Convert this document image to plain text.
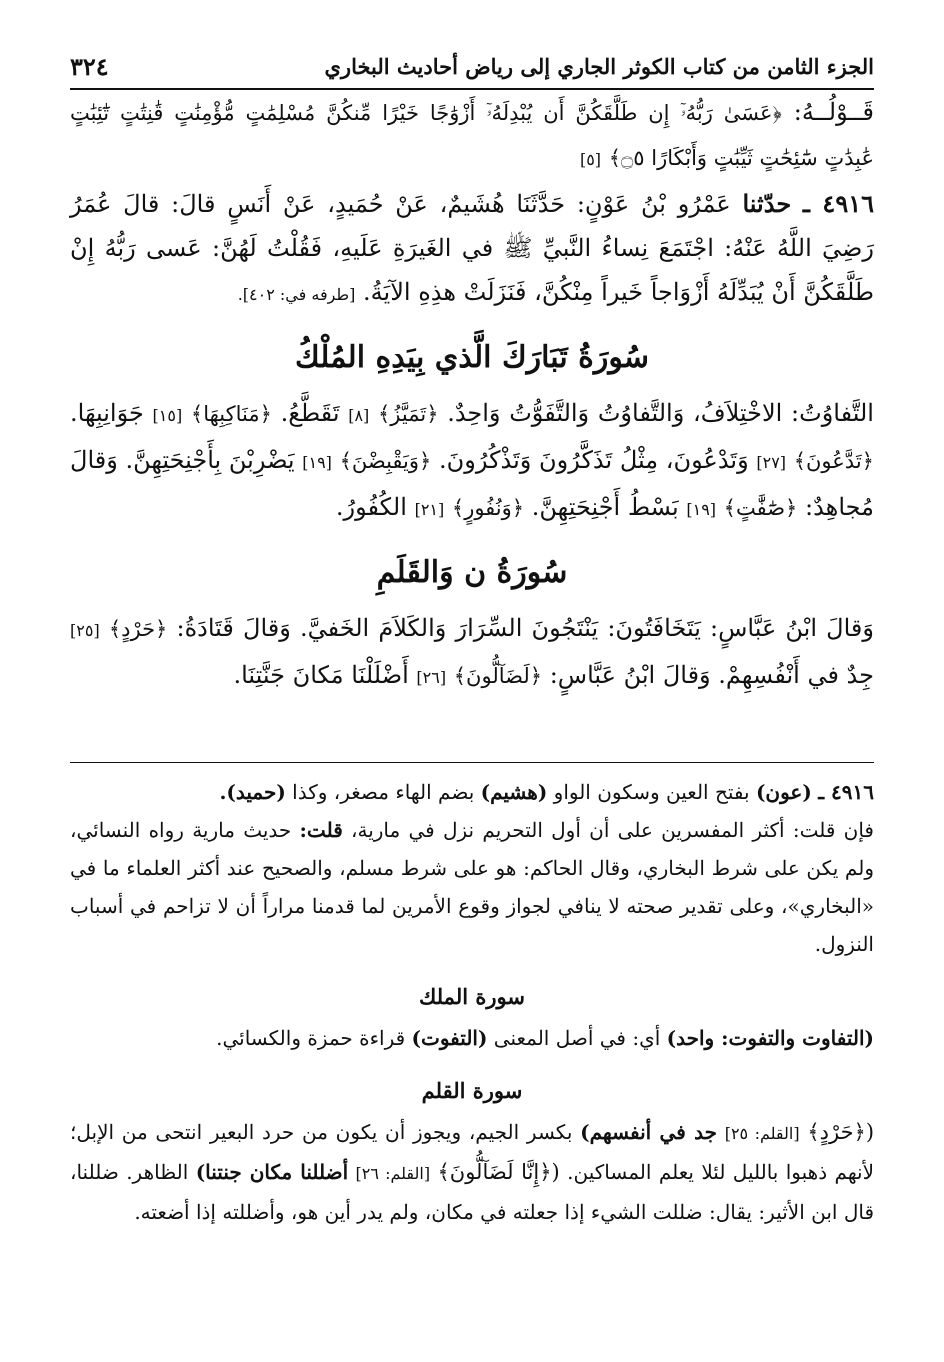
الجزء الثامن من كتاب الكوثر الجاري إلى رياض أحاديث البخاري
٣٢٤

قَــوْلُــهُ: ﴿عَسَىٰ رَبُّهُۥٓ إِن طَلَّقَكُنَّ أَن يُبْدِلَهُۥٓ أَزْوَٰجًا خَيْرًا مِّنكُنَّ مُسْلِمَٰتٍ مُّؤْمِنَٰتٍ قَٰنِتَٰتٍ تَٰٓئِبَٰتٍ عَٰبِدَٰتٍ سَٰٓئِحَٰتٍ ثَيِّبَٰتٍ وَأَبْكَارًا ۝٥﴾ [٥]

٤٩١٦ ـ حدّثنا عَمْرُو بْنُ عَوْنٍ: حَدَّثَنَا هُشَيمٌ، عَنْ حُمَيدٍ، عَنْ أَنَسٍ قالَ: قالَ عُمَرُ رَضِيَ اللَّهُ عَنْهُ: اجْتَمَعَ نِساءُ النَّبيِّ ﷺ في الغَيرَةِ عَلَيهِ، فَقُلْتُ لَهُنَّ: عَسى رَبُّهُ إِنْ طَلَّقَكُنَّ أَنْ يُبَدِّلَهُ أَزْوَاجاً خَيراً مِنْكُنَّ، فَنَزَلَتْ هذِهِ الآيَةُ. [طرفه في: ٤٠٢].

سُورَةُ تَبَارَكَ الَّذي بِيَدِهِ المُلْكُ

التَّفاوُتُ: الاخْتِلاَفُ، وَالتَّفاوُتُ وَالتَّفَوُّتُ وَاحِدٌ. ﴿تَمَيَّزُ﴾ [٨] تَقَطَّعُ. ﴿مَنَاكِبِهَا﴾ [١٥] جَوَانِبِهَا. ﴿تَدَّعُونَ﴾ [٢٧] وَتَدْعُونَ، مِثْلُ تَذَكَّرُونَ وَتَذْكُرُونَ. ﴿وَيَقْبِضْنَ﴾ [١٩] يَضْرِبْنَ بِأَجْنِحَتِهِنَّ. وَقالَ مُجاهِدٌ: ﴿صَٰٓفَّٰتٍ﴾ [١٩] بَسْطُ أَجْنِحَتِهِنَّ. ﴿وَنُفُورٍ﴾ [٢١] الكُفُورُ.

سُورَةُ ن وَالقَلَمِ

وَقالَ ابْنُ عَبَّاسٍ: يَتَخَافَتُونَ: يَنْتَجُونَ السِّرَارَ وَالكَلاَمَ الخَفيَّ. وَقالَ قَتَادَةُ: ﴿حَرْدٍ﴾ [٢٥] جِدٌ في أَنْفُسِهِمْ. وَقالَ ابْنُ عَبَّاسٍ: ﴿لَضَآلُّونَ﴾ [٢٦] أَضْلَلْنَا مَكانَ جَنَّتِنَا.

٤٩١٦ ـ (عون) بفتح العين وسكون الواو (هشيم) بضم الهاء مصغر، وكذا (حميد).

فإن قلت: أكثر المفسرين على أن أول التحريم نزل في مارية، قلت: حديث مارية رواه النسائي، ولم يكن على شرط البخاري، وقال الحاكم: هو على شرط مسلم، والصحيح عند أكثر العلماء ما في «البخاري»، وعلى تقدير صحته لا ينافي لجواز وقوع الأمرين لما قدمنا مراراً أن لا تزاحم في أسباب النزول.

سورة الملك

(التفاوت والتفوت: واحد) أي: في أصل المعنى (التفوت) قراءة حمزة والكسائي.

سورة القلم

(﴿حَرْدٍ﴾ [القلم: ٢٥] جد في أنفسهم) بكسر الجيم، ويجوز أن يكون من حرد البعير انتحى من الإبل؛ لأنهم ذهبوا بالليل لئلا يعلم المساكين. (﴿إِنَّا لَضَآلُّونَ﴾ [القلم: ٢٦] أضللنا مكان جنتنا) الظاهر. ضللنا، قال ابن الأثير: يقال: ضللت الشيء إذا جعلته في مكان، ولم يدر أين هو، وأضللته إذا أضعته.
